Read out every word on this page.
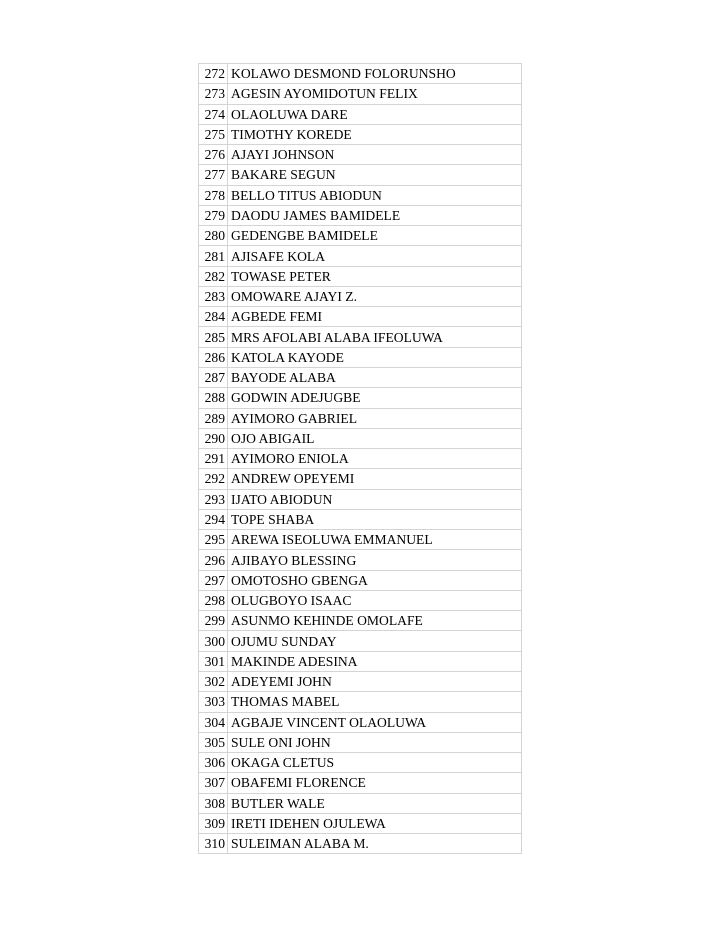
272	KOLAWO DESMOND FOLORUNSHO
273	AGESIN AYOMIDOTUN FELIX
274	OLAOLUWA DARE
275	TIMOTHY KOREDE
276	AJAYI JOHNSON
277	BAKARE SEGUN
278	BELLO TITUS ABIODUN
279	DAODU JAMES BAMIDELE
280	GEDENGBE BAMIDELE
281	AJISAFE KOLA
282	TOWASE PETER
283	OMOWARE AJAYI Z.
284	AGBEDE FEMI
285	MRS AFOLABI ALABA IFEOLUWA
286	KATOLA KAYODE
287	BAYODE ALABA
288	GODWIN ADEJUGBE
289	AYIMORO GABRIEL
290	OJO ABIGAIL
291	AYIMORO ENIOLA
292	ANDREW OPEYEMI
293	IJATO ABIODUN
294	TOPE SHABA
295	AREWA ISEOLUWA EMMANUEL
296	AJIBAYO BLESSING
297	OMOTOSHO GBENGA
298	OLUGBOYO ISAAC
299	ASUNMO KEHINDE OMOLAFE
300	OJUMU SUNDAY
301	MAKINDE ADESINA
302	ADEYEMI JOHN
303	THOMAS MABEL
304	AGBAJE VINCENT OLAOLUWA
305	SULE ONI JOHN
306	OKAGA CLETUS
307	OBAFEMI FLORENCE
308	BUTLER WALE
309	IRETI IDEHEN OJULEWA
310	SULEIMAN ALABA M.
